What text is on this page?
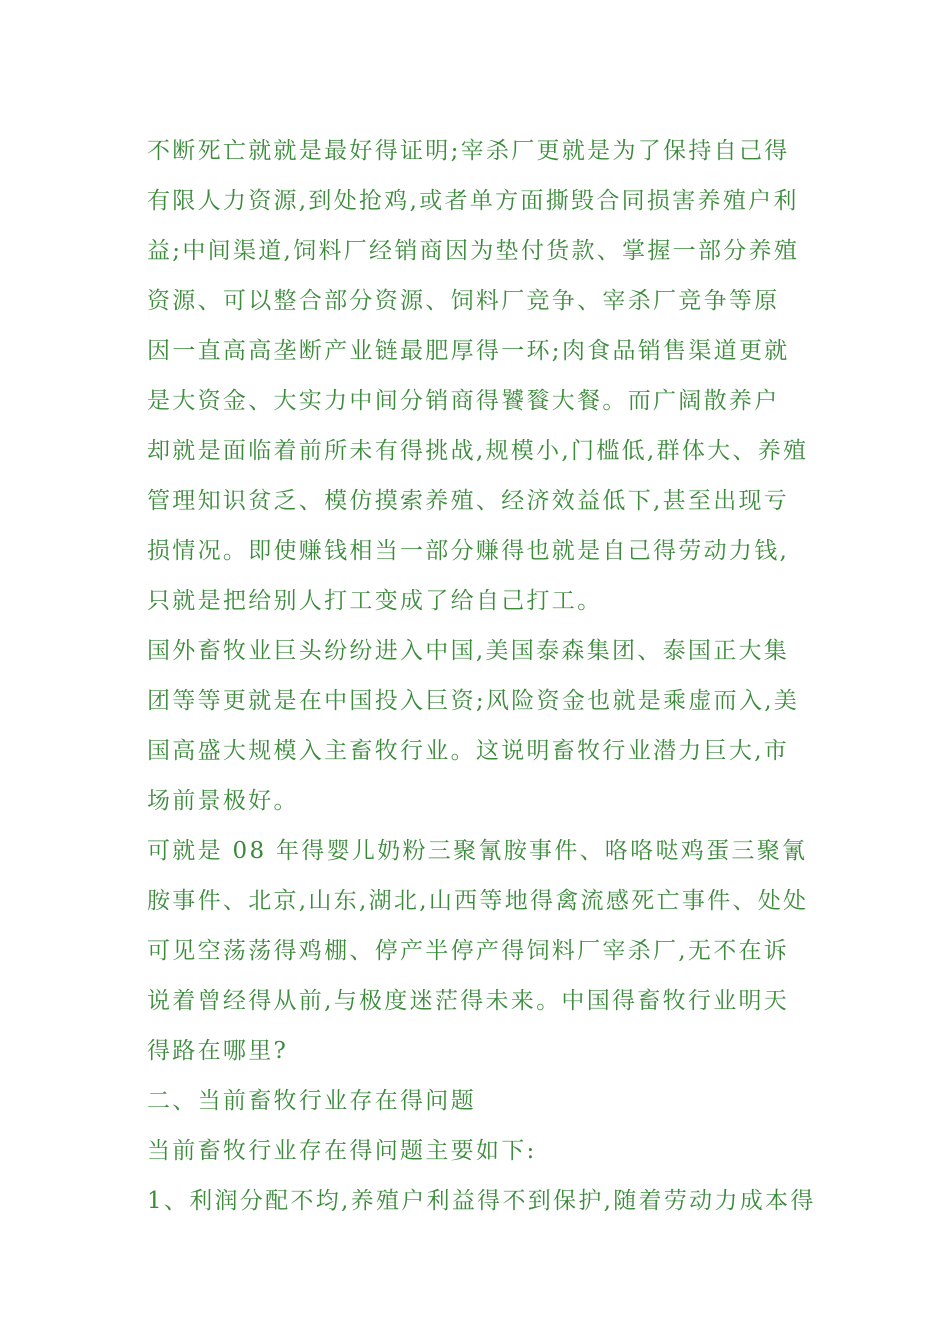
不断死亡就就是最好得证明;宰杀厂更就是为了保持自己得
有限人力资源,到处抢鸡,或者单方面撕毁合同损害养殖户利
益;中间渠道,饲料厂经销商因为垫付货款、掌握一部分养殖
资源、可以整合部分资源、饲料厂竞争、宰杀厂竞争等原
因一直高高垄断产业链最肥厚得一环;肉食品销售渠道更就
是大资金、大实力中间分销商得饕餮大餐。而广阔散养户
却就是面临着前所未有得挑战,规模小,门槛低,群体大、养殖
管理知识贫乏、模仿摸索养殖、经济效益低下,甚至出现亏
损情况。即使赚钱相当一部分赚得也就是自己得劳动力钱,
只就是把给别人打工变成了给自己打工。
国外畜牧业巨头纷纷进入中国,美国泰森集团、泰国正大集
团等等更就是在中国投入巨资;风险资金也就是乘虚而入,美
国高盛大规模入主畜牧行业。这说明畜牧行业潜力巨大,市
场前景极好。
可就是 08 年得婴儿奶粉三聚氰胺事件、咯咯哒鸡蛋三聚氰
胺事件、北京,山东,湖北,山西等地得禽流感死亡事件、处处
可见空荡荡得鸡棚、停产半停产得饲料厂宰杀厂,无不在诉
说着曾经得从前,与极度迷茫得未来。中国得畜牧行业明天
得路在哪里?
二、当前畜牧行业存在得问题
当前畜牧行业存在得问题主要如下:
1、利润分配不均,养殖户利益得不到保护,随着劳动力成本得
